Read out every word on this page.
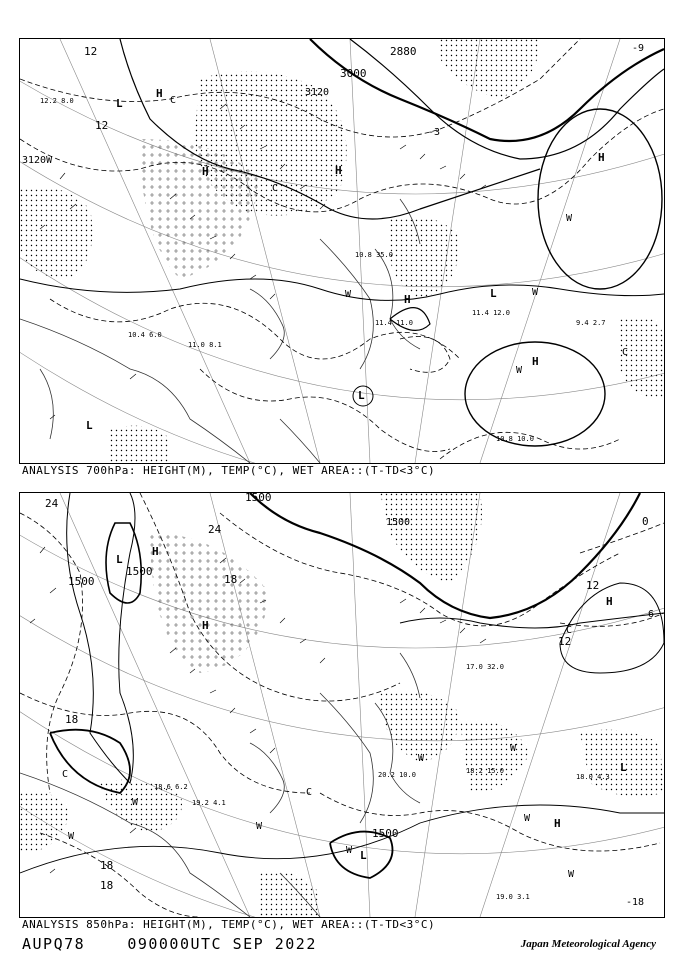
2880
3000
3120
3120W
12
12
-3
-9
H
H
H
H
H
H
L
L
L
L
C
C
C
W
W
W
W
9.4 2.7
10.8 10.0
11.4 12.0
11.0 8.1
10.4 6.0
12.2 8.0
11.4 11.0
10.8 35.0
ANALYSIS 700hPa: HEIGHT(M), TEMP(°C), WET AREA::(T-TD<3°C)
1500
1500
1500
1500
1500
24
24
18
18
18
18
12
12
6
0
-18
H
H
H
H
L
L
L
C
C
C
W
W
W
W
W
W
W
W
19.0 3.1
18.0 4.3
18.2 15.0
19.2 4.1
18.6 6.2
17.0 32.0
20.2 10.0
ANALYSIS 850hPa: HEIGHT(M), TEMP(°C), WET AREA::(T-TD<3°C)
AUPQ78	090000UTC SEP 2022	Japan Meteorological Agency
